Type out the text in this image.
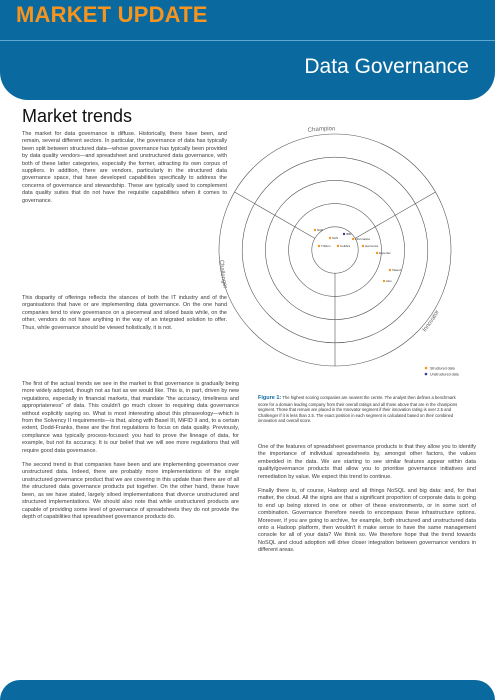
MARKET UPDATE
Data Governance
Market trends

The market for data governance is diffuse. Historically, there have been, and remain, several different sectors. In particular, the governance of data has typically been split between structured data—whose governance has typically been provided by data quality vendors—and spreadsheet and unstructured data governance, with both of these latter categories, especially the former, attracting its own corpus of suppliers. In addition, there are vendors, particularly in the structured data governance space, that have developed capabilities specifically to address the concerns of governance and stewardship. These are typically used to complement data quality suites that do not have the requisite capabilities when it comes to governance.

This disparity of offerings reflects the stances of both the IT industry and of the organisations that have or are implementing data governance. On the one hand companies tend to view governance on a piecemeal and siloed basis while, on the other, vendors do not have anything in the way of an integrated solution to offer. Thus, while governance should be viewed holistically, it is not.

The first of the actual trends we see in the market is that governance is gradually being more widely adopted, though not as fast as we would like. This is, in part, driven by new regulations, especially in financial markets, that mandate "the accuracy, timeliness and appropriateness" of data. This couldn't go much closer to requiring data governance without explicitly saying so. What is most interesting about this phraseology—which is from the Solvency II requirements—is that, along with Basel III, MiFID II and, to a certain extent, Dodd-Franks, these are the first regulations to focus on data quality. Previously, compliance was typically process-focused: you had to prove the lineage of data, for example, but not its accuracy. It is our belief that we will see more regulations that will require good data governance.

The second trend is that companies have been and are implementing governance over unstructured data. Indeed, there are probably more implementations of the single unstructured governance product that we are covering in this update than there are of all the structured data governance products put together. On the other hand, these have been, as we have stated, largely siloed implementations that divorce unstructured and structured implementations. We should also note that while unstructured products are capable of providing some level of governance of spreadsheets they do not provide the depth of capabilities that spreadsheet governance products do.

Figure 1: The highest scoring companies are nearest the centre. The analyst then defines a benchmark score for a domain leading company from their overall ratings and all those above that are in the champions segment. Those that remain are placed in the Innovator segment if their innovation rating is over 2.5 and Challenger if it is less than 2.5. The exact position in each segment is calculated based on their combined innovation and overall score.

One of the features of spreadsheet governance products is that they allow you to identify the importance of individual spreadsheets by, amongst other factors, the values embedded in the data. We are starting to see similar features appear within data quality/governance products that allow you to prioritise governance initiatives and remediation by value. We expect this trend to continue.

Finally there is, of course, Hadoop and all things NoSQL and big data: and, for that matter, the cloud. All the signs are that a significant proportion of corporate data is going to end up being stored in one or other of these environments, or in some sort of combination. Governance therefore needs to encompass these infrastructure options. Moreover, if you are going to archive, for example, both structured and unstructured data onto a Hadoop platform, then wouldn't it make sense to have the same management console for all of your data? We think so. We therefore hope that the trend towards NoSQL and cloud adoption will drive closer integration between governance vendors in different areas.

Champion
Challenger
Innovator
SAP
SAS	Informatica
Trillium	Collibra	Harmonia
Experian
Talend
Alex
IBM
Structured data
Unstructured data
